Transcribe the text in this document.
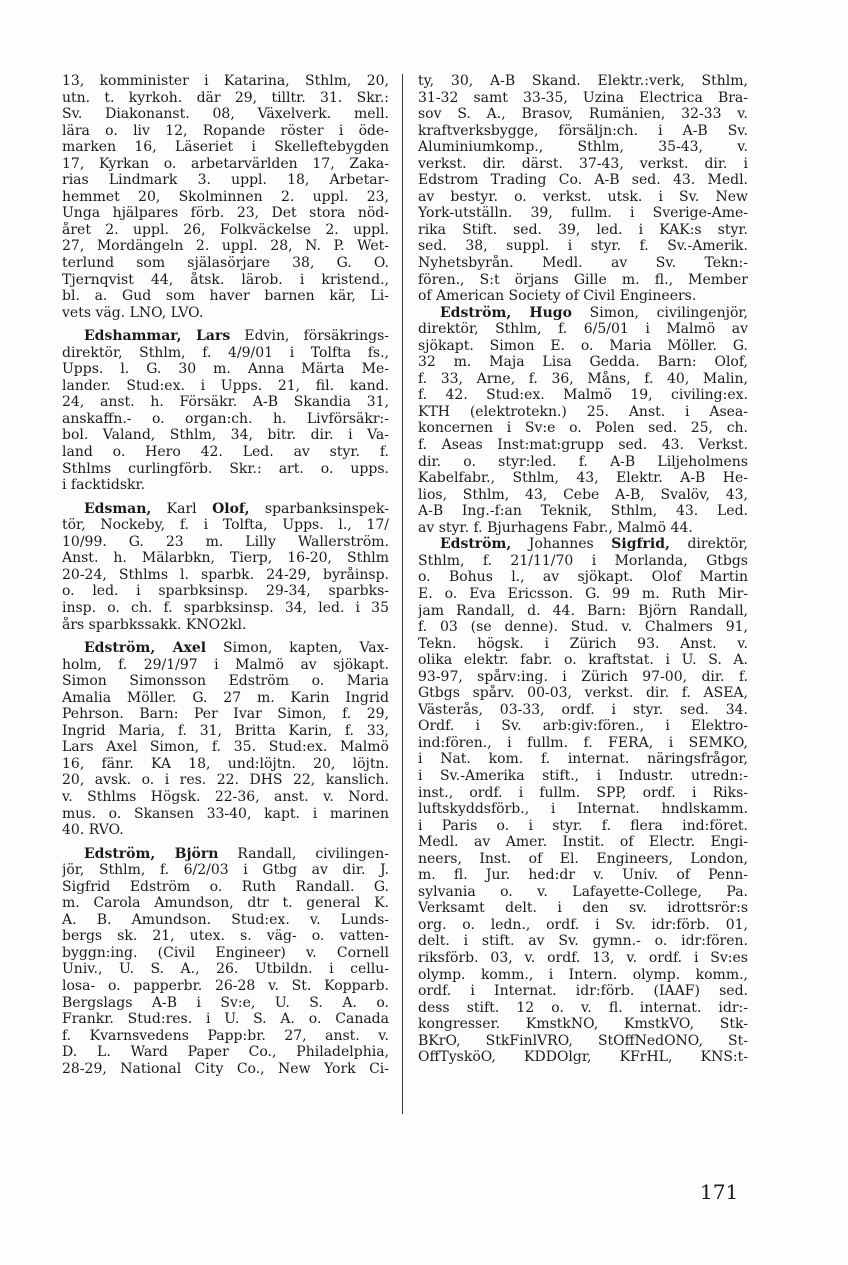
13, komminister i Katarina, Sthlm, 20,
utn. t. kyrkoh. där 29, tilltr. 31. Skr.:
Sv. Diakonanst. 08, Växelverk. mell.
lära o. liv 12, Ropande röster i öde-
marken 16, Läseriet i Skelleftebygden
17, Kyrkan o. arbetarvärlden 17, Zaka-
rias Lindmark 3. uppl. 18, Arbetar-
hemmet 20, Skolminnen 2. uppl. 23,
Unga hjälpares förb. 23, Det stora nöd-
året 2. uppl. 26, Folkväckelse 2. uppl.
27, Mordängeln 2. uppl. 28, N. P. Wet-
terlund som själasörjare 38, G. O.
Tjernqvist 44, åtsk. lärob. i kristend.,
bl. a. Gud som haver barnen kär, Li-
vets väg. LNO, LVO.
Edshammar, Lars Edvin, försäkrings-
direktör, Sthlm, f. 4/9/01 i Tolfta fs.,
Upps. l. G. 30 m. Anna Märta Me-
lander. Stud:ex. i Upps. 21, fil. kand.
24, anst. h. Försäkr. A-B Skandia 31,
anskaffn.- o. organ:ch. h. Livförsäkr:-
bol. Valand, Sthlm, 34, bitr. dir. i Va-
land o. Hero 42. Led. av styr. f.
Sthlms curlingförb. Skr.: art. o. upps.
i facktidskr.
Edsman, Karl Olof, sparbanksinspek-
tör, Nockeby, f. i Tolfta, Upps. l., 17/
10/99. G. 23 m. Lilly Wallerström.
Anst. h. Mälarbkn, Tierp, 16-20, Sthlm
20-24, Sthlms l. sparbk. 24-29, byråinsp.
o. led. i sparbksinsp. 29-34, sparbks-
insp. o. ch. f. sparbksinsp. 34, led. i 35
års sparbkssakk. KNO2kl.
Edström, Axel Simon, kapten, Vax-
holm, f. 29/1/97 i Malmö av sjökapt.
Simon Simonsson Edström o. Maria
Amalia Möller. G. 27 m. Karin Ingrid
Pehrson. Barn: Per Ivar Simon, f. 29,
Ingrid Maria, f. 31, Britta Karin, f. 33,
Lars Axel Simon, f. 35. Stud:ex. Malmö
16, fänr. KA 18, und:löjtn. 20, löjtn.
20, avsk. o. i res. 22. DHS 22, kanslich.
v. Sthlms Högsk. 22-36, anst. v. Nord.
mus. o. Skansen 33-40, kapt. i marinen
40. RVO.
Edström, Björn Randall, civilingen-
jör, Sthlm, f. 6/2/03 i Gtbg av dir. J.
Sigfrid Edström o. Ruth Randall. G.
m. Carola Amundson, dtr t. general K.
A. B. Amundson. Stud:ex. v. Lunds-
bergs sk. 21, utex. s. väg- o. vatten-
byggn:ing. (Civil Engineer) v. Cornell
Univ., U. S. A., 26. Utbildn. i cellu-
losa- o. papperbr. 26-28 v. St. Kopparb.
Bergslags A-B i Sv:e, U. S. A. o.
Frankr. Stud:res. i U. S. A. o. Canada
f. Kvarnsvedens Papp:br. 27, anst. v.
D. L. Ward Paper Co., Philadelphia,
28-29, National City Co., New York Ci-
ty, 30, A-B Skand. Elektr.:verk, Sthlm,
31-32 samt 33-35, Uzina Electrica Bra-
sov S. A., Brasov, Rumänien, 32-33 v.
kraftverksbygge, försäljn:ch. i A-B Sv.
Aluminiumkomp., Sthlm, 35-43, v.
verkst. dir. därst. 37-43, verkst. dir. i
Edstrom Trading Co. A-B sed. 43. Medl.
av bestyr. o. verkst. utsk. i Sv. New
York-utställn. 39, fullm. i Sverige-Ame-
rika Stift. sed. 39, led. i KAK:s styr.
sed. 38, suppl. i styr. f. Sv.-Amerik.
Nyhetsbyrån. Medl. av Sv. Tekn:-
fören., S:t örjans Gille m. fl., Member
of American Society of Civil Engineers.
Edström, Hugo Simon, civilingenjör,
direktör, Sthlm, f. 6/5/01 i Malmö av
sjökapt. Simon E. o. Maria Möller. G.
32 m. Maja Lisa Gedda. Barn: Olof,
f. 33, Arne, f. 36, Måns, f. 40, Malin,
f. 42. Stud:ex. Malmö 19, civiling:ex.
KTH (elektrotekn.) 25. Anst. i Asea-
koncernen i Sv:e o. Polen sed. 25, ch.
f. Aseas Inst:mat:grupp sed. 43. Verkst.
dir. o. styr:led. f. A-B Liljeholmens
Kabelfabr., Sthlm, 43, Elektr. A-B He-
lios, Sthlm, 43, Cebe A-B, Svalöv, 43,
A-B Ing.-f:an Teknik, Sthlm, 43. Led.
av styr. f. Bjurhagens Fabr., Malmö 44.
Edström, Johannes Sigfrid, direktör,
Sthlm, f. 21/11/70 i Morlanda, Gtbgs
o. Bohus l., av sjökapt. Olof Martin
E. o. Eva Ericsson. G. 99 m. Ruth Mir-
jam Randall, d. 44. Barn: Björn Randall,
f. 03 (se denne). Stud. v. Chalmers 91,
Tekn. högsk. i Zürich 93. Anst. v.
olika elektr. fabr. o. kraftstat. i U. S. A.
93-97, spårv:ing. i Zürich 97-00, dir. f.
Gtbgs spårv. 00-03, verkst. dir. f. ASEA,
Västerås, 03-33, ordf. i styr. sed. 34.
Ordf. i Sv. arb:giv:fören., i Elektro-
ind:fören., i fullm. f. FERA, i SEMKO,
i Nat. kom. f. internat. näringsfrågor,
i Sv.-Amerika stift., i Industr. utredn:-
inst., ordf. i fullm. SPP, ordf. i Riks-
luftskyddsförb., i Internat. hndlskamm.
i Paris o. i styr. f. flera ind:föret.
Medl. av Amer. Instit. of Electr. Engi-
neers, Inst. of El. Engineers, London,
m. fl. Jur. hed:dr v. Univ. of Penn-
sylvania o. v. Lafayette-College, Pa.
Verksamt delt. i den sv. idrottsrör:s
org. o. ledn., ordf. i Sv. idr:förb. 01,
delt. i stift. av Sv. gymn.- o. idr:fören.
riksförb. 03, v. ordf. 13, v. ordf. i Sv:es
olymp. komm., i Intern. olymp. komm.,
ordf. i Internat. idr:förb. (IAAF) sed.
dess stift. 12 o. v. fl. internat. idr:-
kongresser. KmstkNO, KmstkVO, Stk-
BKrO, StkFinlVRO, StOffNedONO, St-
OffTysköO, KDDOlgr, KFrHL, KNS:t-
171
